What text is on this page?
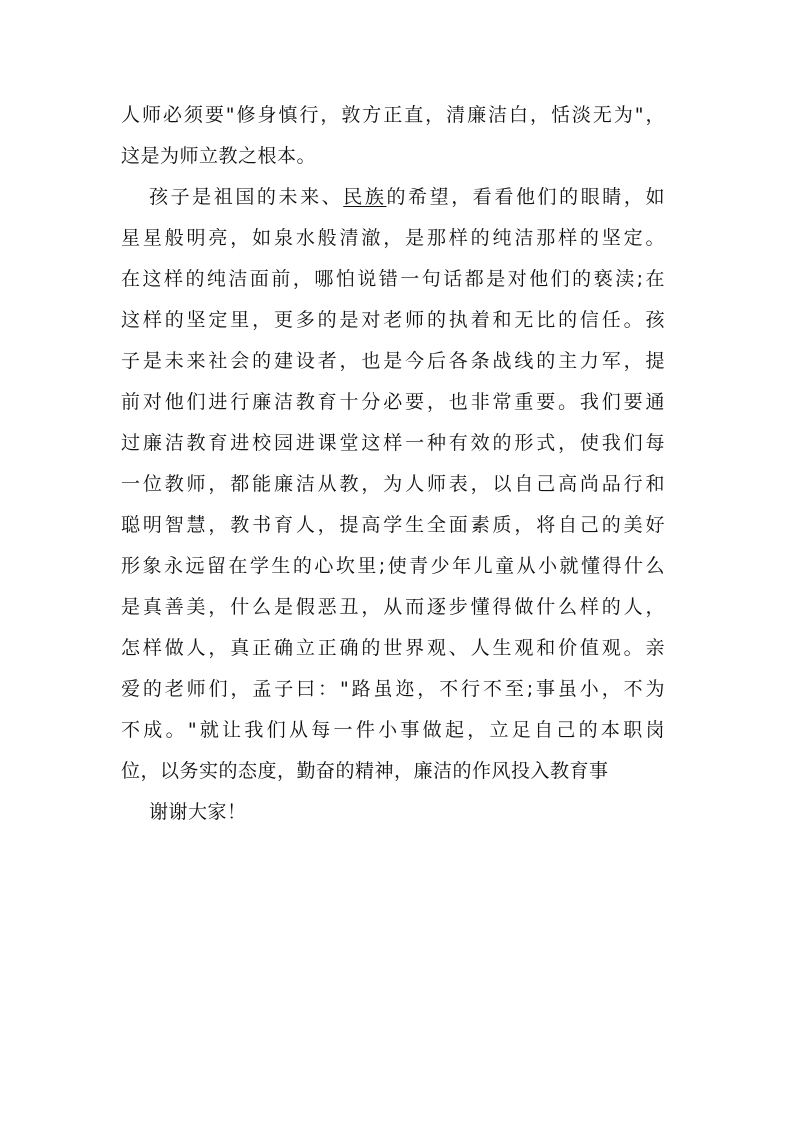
人师必须要"修身慎行，敦方正直，清廉洁白，恬淡无为"，
这是为师立教之根本。
孩子是祖国的未来、民族的希望，看看他们的眼睛，如
星星般明亮，如泉水般清澈，是那样的纯洁那样的坚定。
在这样的纯洁面前，哪怕说错一句话都是对他们的亵渎;在
这样的坚定里，更多的是对老师的执着和无比的信任。孩
子是未来社会的建设者，也是今后各条战线的主力军，提
前对他们进行廉洁教育十分必要，也非常重要。我们要通
过廉洁教育进校园进课堂这样一种有效的形式，使我们每
一位教师，都能廉洁从教，为人师表，以自己高尚品行和
聪明智慧，教书育人，提高学生全面素质，将自己的美好
形象永远留在学生的心坎里;使青少年儿童从小就懂得什么
是真善美，什么是假恶丑，从而逐步懂得做什么样的人，
怎样做人，真正确立正确的世界观、人生观和价值观。亲
爱的老师们，孟子曰："路虽迩，不行不至;事虽小，不为
不成。"就让我们从每一件小事做起，立足自己的本职岗
位，以务实的态度，勤奋的精神，廉洁的作风投入教育事
谢谢大家！
